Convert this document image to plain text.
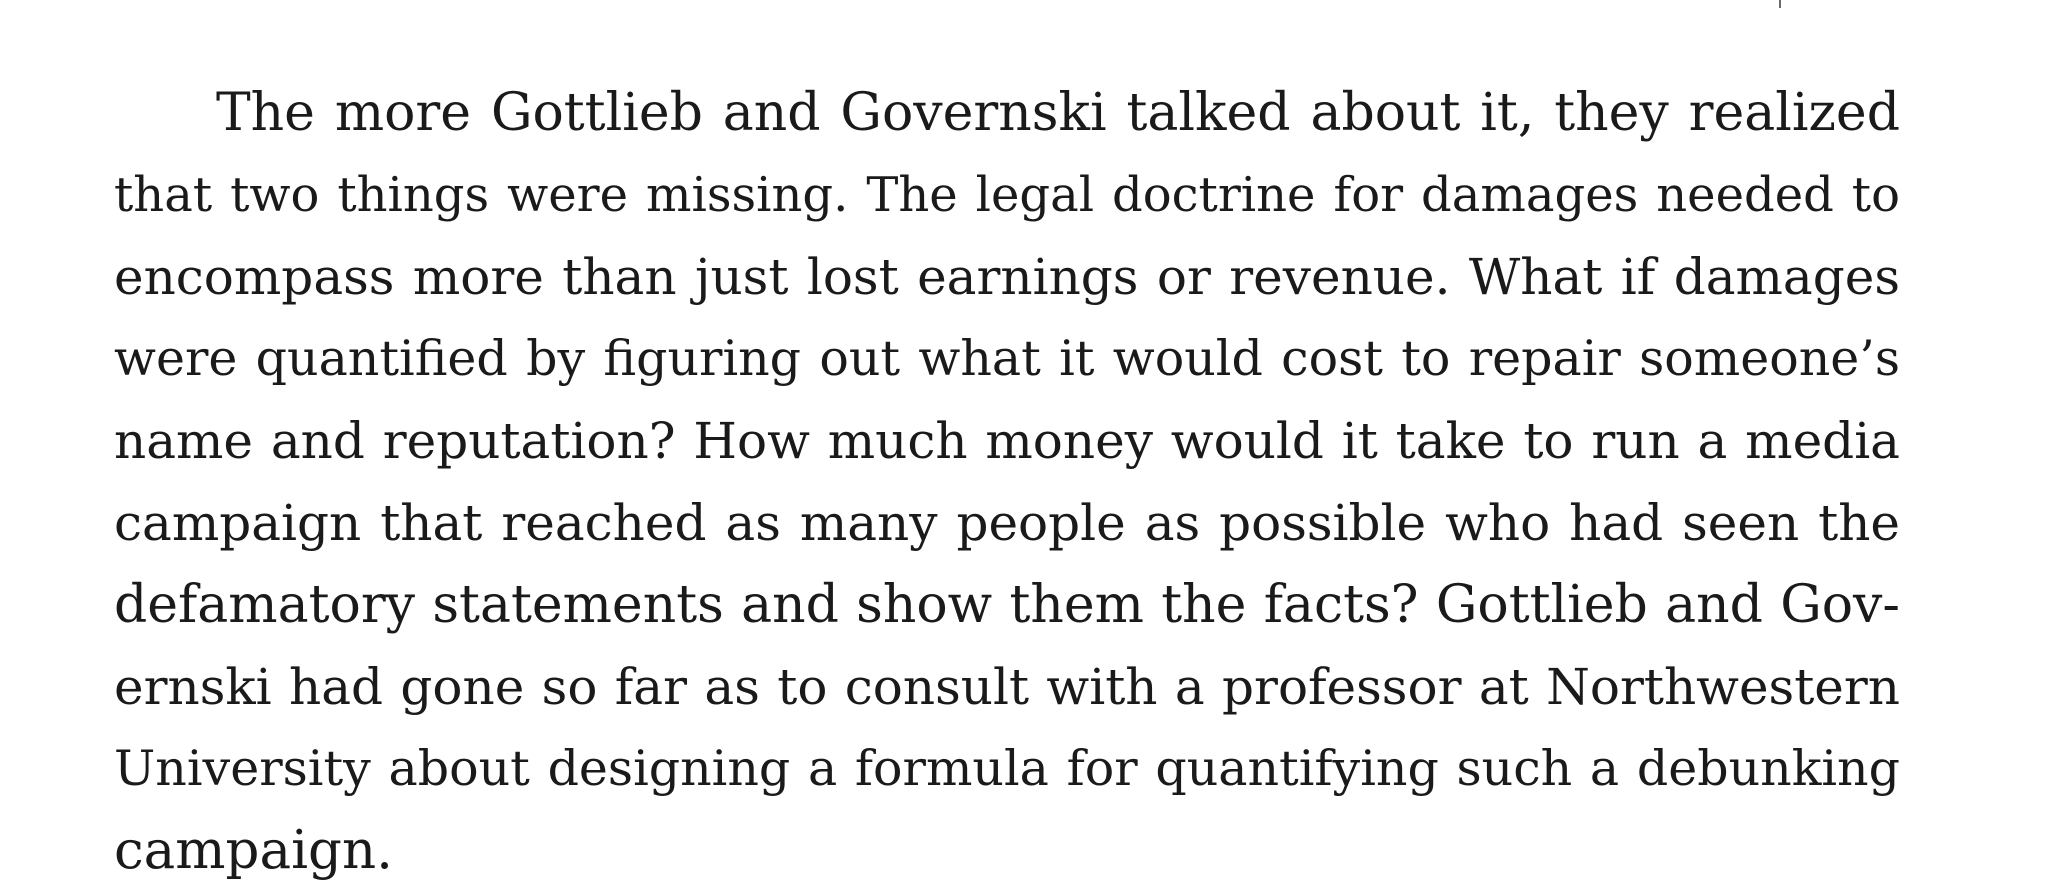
The more Gottlieb and Governski talked about it, they realized
that two things were missing. The legal doctrine for damages needed to
encompass more than just lost earnings or revenue. What if damages
were quantified by figuring out what it would cost to repair someone’s
name and reputation? How much money would it take to run a media
campaign that reached as many people as possible who had seen the
defamatory statements and show them the facts? Gottlieb and Gov-
ernski had gone so far as to consult with a professor at Northwestern
University about designing a formula for quantifying such a debunking
campaign.
